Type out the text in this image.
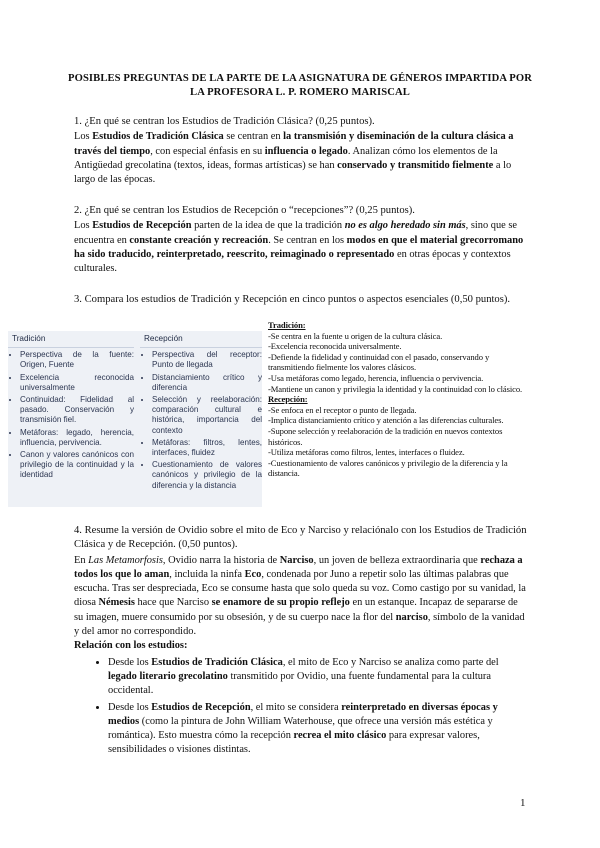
POSIBLES PREGUNTAS DE LA PARTE DE LA ASIGNATURA DE GÉNEROS IMPARTIDA POR LA PROFESORA L. P. ROMERO MARISCAL

1. ¿En qué se centran los Estudios de Tradición Clásica? (0,25 puntos).

Los Estudios de Tradición Clásica se centran en la transmisión y diseminación de la cultura clásica a través del tiempo, con especial énfasis en su influencia o legado. Analizan cómo los elementos de la Antigüedad grecolatina (textos, ideas, formas artísticas) se han conservado y transmitido fielmente a lo largo de las épocas.

2. ¿En qué se centran los Estudios de Recepción o “recepciones”? (0,25 puntos).

Los Estudios de Recepción parten de la idea de que la tradición no es algo heredado sin más, sino que se encuentra en constante creación y recreación. Se centran en los modos en que el material grecorromano ha sido traducido, reinterpretado, reescrito, reimaginado o representado en otras épocas y contextos culturales.

3. Compara los estudios de Tradición y Recepción en cinco puntos o aspectos esenciales (0,50 puntos).

Tradición
• Perspectiva de la fuente: Origen, Fuente
• Excelencia reconocida universalmente
• Continuidad: Fidelidad al pasado. Conservación y transmisión fiel.
• Metáforas: legado, herencia, influencia, pervivencia.
• Canon y valores canónicos con privilegio de la continuidad y la identidad
Recepción
• Perspectiva del receptor: Punto de llegada
• Distanciamiento crítico y diferencia
• Selección y reelaboración: comparación cultural e histórica, importancia del contexto
• Metáforas: filtros, lentes, interfaces, fluidez
• Cuestionamiento de valores canónicos y privilegio de la diferencia y la distancia
Tradición:
-Se centra en la fuente u origen de la cultura clásica.
-Excelencia reconocida universalmente.
-Defiende la fidelidad y continuidad con el pasado, conservando y transmitiendo fielmente los valores clásicos.
-Usa metáforas como legado, herencia, influencia o pervivencia.
-Mantiene un canon y privilegia la identidad y la continuidad con lo clásico.
Recepción:
-Se enfoca en el receptor o punto de llegada.
-Implica distanciamiento crítico y atención a las diferencias culturales.
-Supone selección y reelaboración de la tradición en nuevos contextos históricos.
-Utiliza metáforas como filtros, lentes, interfaces o fluidez.
-Cuestionamiento de valores canónicos y privilegio de la diferencia y la distancia.

4. Resume la versión de Ovidio sobre el mito de Eco y Narciso y relaciónalo con los Estudios de Tradición Clásica y de Recepción. (0,50 puntos).

En Las Metamorfosis, Ovidio narra la historia de Narciso, un joven de belleza extraordinaria que rechaza a todos los que lo aman, incluida la ninfa Eco, condenada por Juno a repetir solo las últimas palabras que escucha. Tras ser despreciada, Eco se consume hasta que solo queda su voz. Como castigo por su vanidad, la diosa Némesis hace que Narciso se enamore de su propio reflejo en un estanque. Incapaz de separarse de su imagen, muere consumido por su obsesión, y de su cuerpo nace la flor del narciso, símbolo de la vanidad y del amor no correspondido.

Relación con los estudios:

• Desde los Estudios de Tradición Clásica, el mito de Eco y Narciso se analiza como parte del legado literario grecolatino transmitido por Ovidio, una fuente fundamental para la cultura occidental.
• Desde los Estudios de Recepción, el mito se considera reinterpretado en diversas épocas y medios (como la pintura de John William Waterhouse, que ofrece una versión más estética y romántica). Esto muestra cómo la recepción recrea el mito clásico para expresar valores, sensibilidades o visiones distintas.
1
